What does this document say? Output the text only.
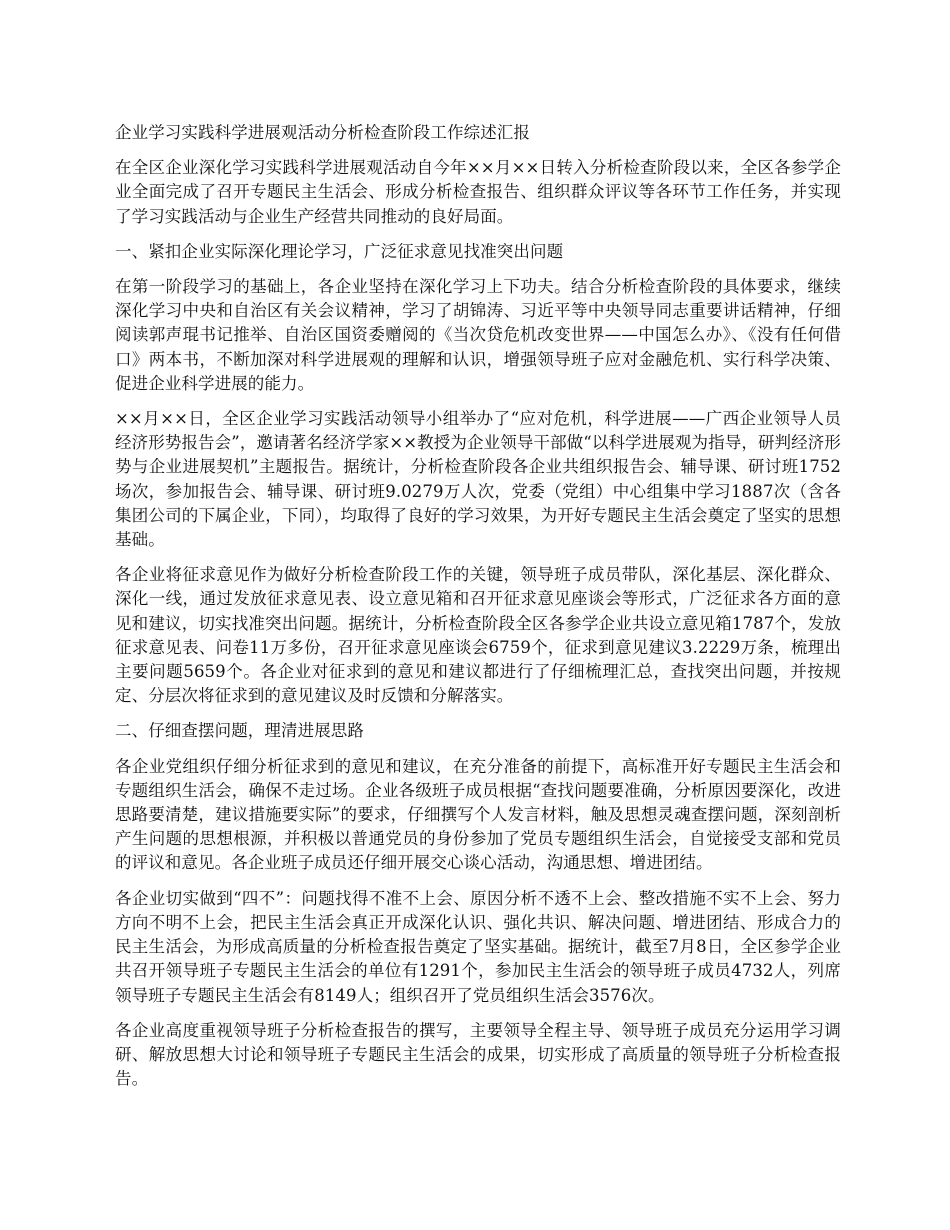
企业学习实践科学进展观活动分析检查阶段工作综述汇报

在全区企业深化学习实践科学进展观活动自今年××月××日转入分析检查阶段以来，全区各参学企业全面完成了召开专题民主生活会、形成分析检查报告、组织群众评议等各环节工作任务，并实现了学习实践活动与企业生产经营共同推动的良好局面。

一、紧扣企业实际深化理论学习，广泛征求意见找准突出问题

在第一阶段学习的基础上，各企业坚持在深化学习上下功夫。结合分析检查阶段的具体要求，继续深化学习中央和自治区有关会议精神，学习了胡锦涛、习近平等中央领导同志重要讲话精神，仔细阅读郭声琨书记推举、自治区国资委赠阅的《当次贷危机改变世界——中国怎么办》、《没有任何借口》两本书，不断加深对科学进展观的理解和认识，增强领导班子应对金融危机、实行科学决策、促进企业科学进展的能力。

××月××日，全区企业学习实践活动领导小组举办了“应对危机，科学进展——广西企业领导人员经济形势报告会”，邀请著名经济学家××教授为企业领导干部做“以科学进展观为指导，研判经济形势与企业进展契机”主题报告。据统计，分析检查阶段各企业共组织报告会、辅导课、研讨班1752场次，参加报告会、辅导课、研讨班9.0279万人次，党委（党组）中心组集中学习1887次（含各集团公司的下属企业，下同），均取得了良好的学习效果，为开好专题民主生活会奠定了坚实的思想基础。

各企业将征求意见作为做好分析检查阶段工作的关键，领导班子成员带队，深化基层、深化群众、深化一线，通过发放征求意见表、设立意见箱和召开征求意见座谈会等形式，广泛征求各方面的意见和建议，切实找准突出问题。据统计，分析检查阶段全区各参学企业共设立意见箱1787个，发放征求意见表、问卷11万多份，召开征求意见座谈会6759个，征求到意见建议3.2229万条，梳理出主要问题5659个。各企业对征求到的意见和建议都进行了仔细梳理汇总，查找突出问题，并按规定、分层次将征求到的意见建议及时反馈和分解落实。

二、仔细查摆问题，理清进展思路

各企业党组织仔细分析征求到的意见和建议，在充分准备的前提下，高标准开好专题民主生活会和专题组织生活会，确保不走过场。企业各级班子成员根据“查找问题要准确，分析原因要深化，改进思路要清楚，建议措施要实际”的要求，仔细撰写个人发言材料，触及思想灵魂查摆问题，深刻剖析产生问题的思想根源，并积极以普通党员的身份参加了党员专题组织生活会，自觉接受支部和党员的评议和意见。各企业班子成员还仔细开展交心谈心活动，沟通思想、增进团结。

各企业切实做到“四不”：问题找得不准不上会、原因分析不透不上会、整改措施不实不上会、努力方向不明不上会，把民主生活会真正开成深化认识、强化共识、解决问题、增进团结、形成合力的民主生活会，为形成高质量的分析检查报告奠定了坚实基础。据统计，截至7月8日，全区参学企业共召开领导班子专题民主生活会的单位有1291个，参加民主生活会的领导班子成员4732人，列席领导班子专题民主生活会有8149人；组织召开了党员组织生活会3576次。

各企业高度重视领导班子分析检查报告的撰写，主要领导全程主导、领导班子成员充分运用学习调研、解放思想大讨论和领导班子专题民主生活会的成果，切实形成了高质量的领导班子分析检查报告。
